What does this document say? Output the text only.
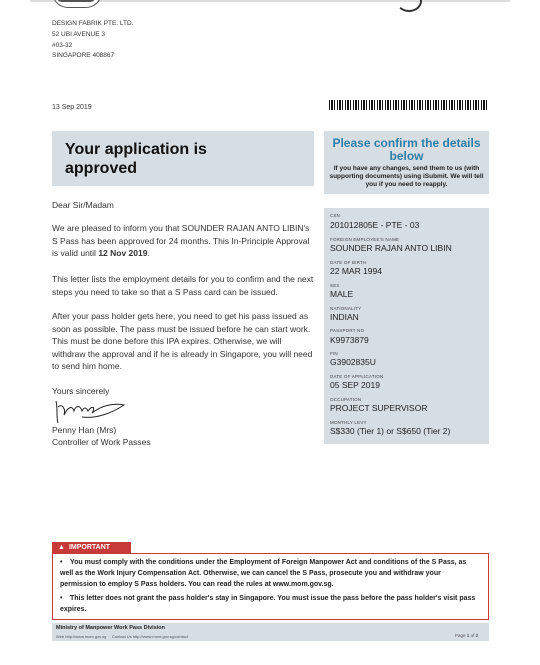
DESIGN FABRIK PTE. LTD.
52 UBI AVENUE 3
#03-32
SINGAPORE 408867
13 Sep 2019
Your application is approved
Please confirm the details below
If you have any changes, send them to us (with supporting documents) using iSubmit. We will tell you if you need to reapply.
Dear Sir/Madam
We are pleased to inform you that SOUNDER RAJAN ANTO LIBIN's S Pass has been approved for 24 months. This In-Principle Approval is valid until 12 Nov 2019.
This letter lists the employment details for you to confirm and the next steps you need to take so that a S Pass card can be issued.
After your pass holder gets here, you need to get his pass issued as soon as possible. The pass must be issued before he can start work. This must be done before this IPA expires. Otherwise, we will withdraw the approval and if he is already in Singapore, you will need to send him home.
Yours sincerely
Penny Han (Mrs)
Controller of Work Passes
CSN
201012805E - PTE - 03
FOREIGN EMPLOYEE'S NAME
SOUNDER RAJAN ANTO LIBIN
DATE OF BIRTH
22 MAR 1994
SEX
MALE
NATIONALITY
INDIAN
PASSPORT NO
K9973879
FIN
G3902835U
DATE OF APPLICATION
05 SEP 2019
OCCUPATION
PROJECT SUPERVISOR
MONTHLY LEVY
S$330 (Tier 1) or S$650 (Tier 2)
▲ IMPORTANT
• You must comply with the conditions under the Employment of Foreign Manpower Act and conditions of the S Pass, as well as the Work Injury Compensation Act. Otherwise, we can cancel the S Pass, prosecute you and withdraw your permission to employ S Pass holders. You can read the rules at www.mom.gov.sg.
• This letter does not grant the pass holder's stay in Singapore. You must issue the pass before the pass holder's visit pass expires.
Ministry of Manpower Work Pass Division
Web http://www.mom.gov.sg Contact Us http://www.mom.gov.sg/contact	Page 1 of 2
